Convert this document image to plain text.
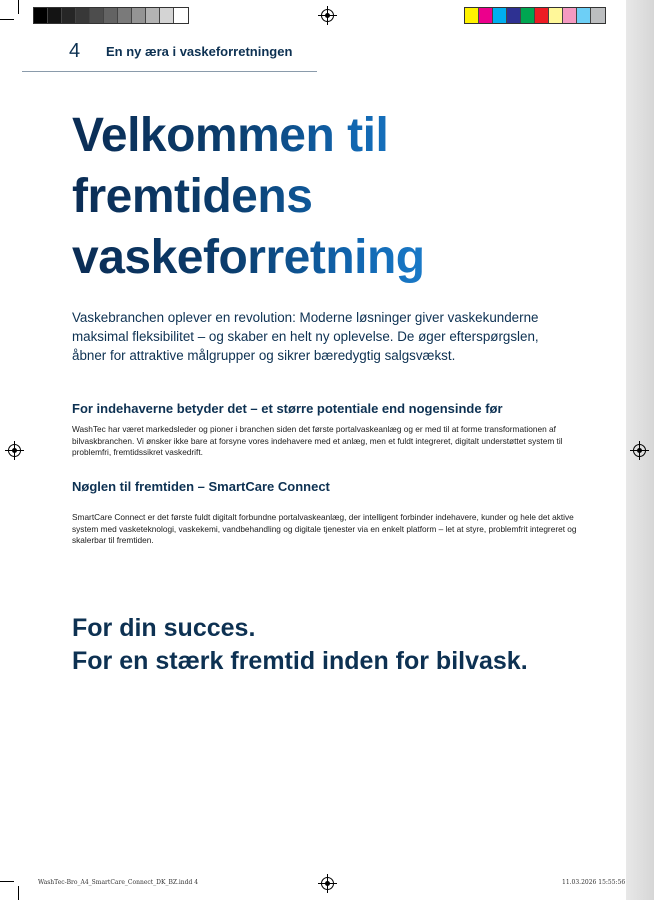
4 En ny æra i vaskeforretningen
Velkommen til
fremtidens
vaskeforretning

Vaskebranchen oplever en revolution: Moderne løsninger giver vaskekunderne maksimal fleksibilitet – og skaber en helt ny oplevelse. De øger efterspørgslen, åbner for attraktive målgrupper og sikrer bæredygtig salgsvækst.

For indehaverne betyder det – et større potentiale end nogensinde før

WashTec har været markedsleder og pioner i branchen siden det første portalvaskeanlæg og er med til at forme transformationen af bilvaskbranchen. Vi ønsker ikke bare at forsyne vores indehavere med et anlæg, men et fuldt integreret, digitalt understøttet system til problemfri, fremtidssikret vaskedrift.

Nøglen til fremtiden – SmartCare Connect

SmartCare Connect er det første fuldt digitalt forbundne portalvaskeanlæg, der intelligent forbinder indehavere, kunder og hele det aktive system med vasketeknologi, vaskekemi, vandbehandling og digitale tjenester via en enkelt platform – let at styre, problemfrit integreret og skalerbar til fremtiden.

For din succes.
For en stærk fremtid inden for bilvask.
WashTec-Bro_A4_SmartCare_Connect_DK_BZ.indd 4	11.03.2026 15:55:56
